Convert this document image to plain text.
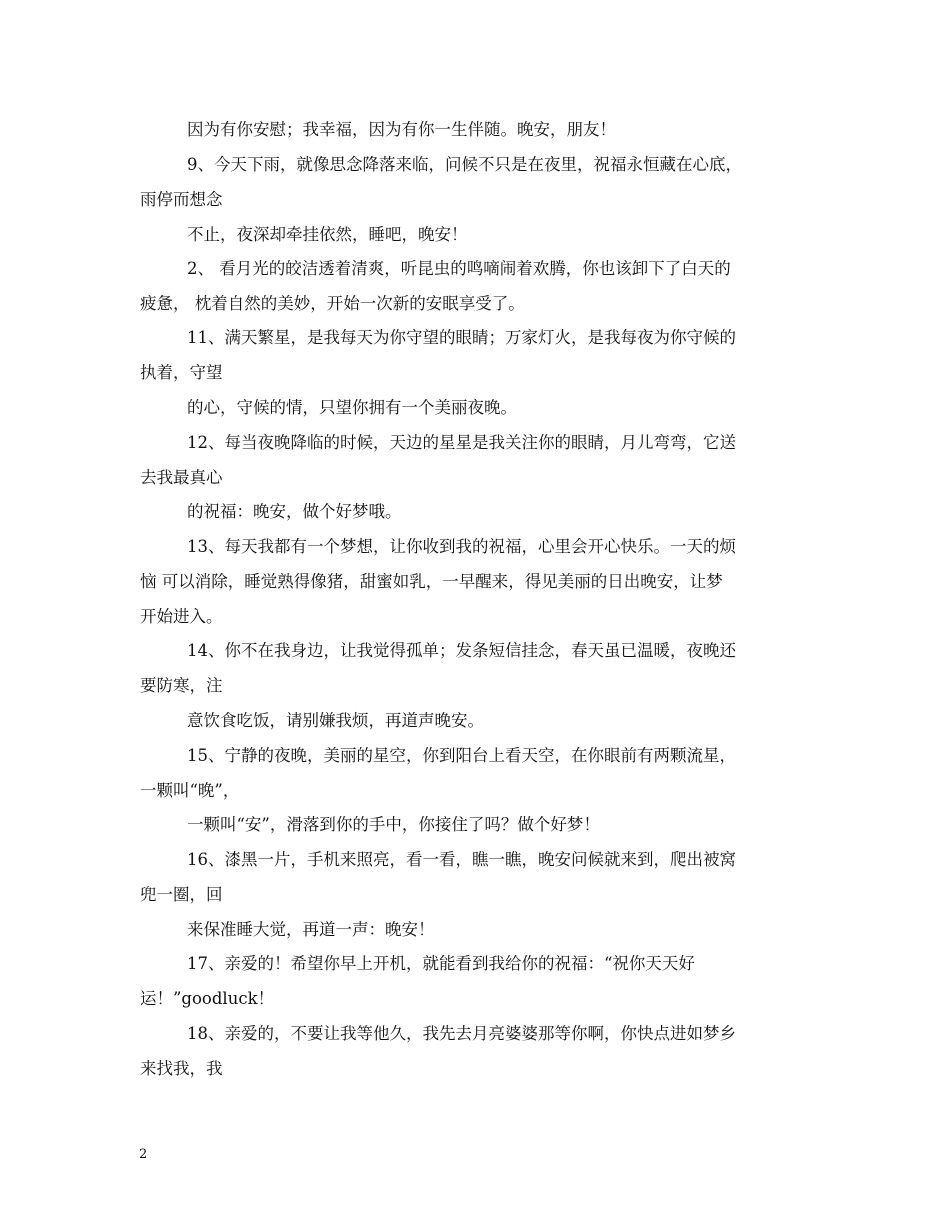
因为有你安慰；我幸福，因为有你一生伴随。晚安，朋友！
9、今天下雨，就像思念降落来临，问候不只是在夜里，祝福永恒藏在心底，
雨停而想念
不止，夜深却牵挂依然，睡吧，晚安！
2、 看月光的皎洁透着清爽，听昆虫的鸣嘀闹着欢腾，你也该卸下了白天的
疲惫， 枕着自然的美妙，开始一次新的安眠享受了。
11、满天繁星，是我每天为你守望的眼睛；万家灯火，是我每夜为你守候的
执着，守望
的心，守候的情，只望你拥有一个美丽夜晚。
12、每当夜晚降临的时候，天边的星星是我关注你的眼睛，月儿弯弯，它送
去我最真心
的祝福：晚安，做个好梦哦。
13、每天我都有一个梦想，让你收到我的祝福，心里会开心快乐。一天的烦
恼 可以消除，睡觉熟得像猪，甜蜜如乳，一早醒来，得见美丽的日出晚安，让梦
开始进入。
14、你不在我身边，让我觉得孤单；发条短信挂念，春天虽已温暖，夜晚还
要防寒，注
意饮食吃饭，请别嫌我烦，再道声晚安。
15、宁静的夜晚，美丽的星空，你到阳台上看天空，在你眼前有两颗流星，
一颗叫“晚”，
一颗叫“安”，滑落到你的手中，你接住了吗？做个好梦！
16、漆黑一片，手机来照亮，看一看，瞧一瞧，晚安问候就来到，爬出被窝
兜一圈，回
来保准睡大觉，再道一声：晚安！
17、亲爱的！希望你早上开机，就能看到我给你的祝福：“祝你天天好
运！”goodluck！
18、亲爱的，不要让我等他久，我先去月亮婆婆那等你啊，你快点进如梦乡
来找我，我
2
